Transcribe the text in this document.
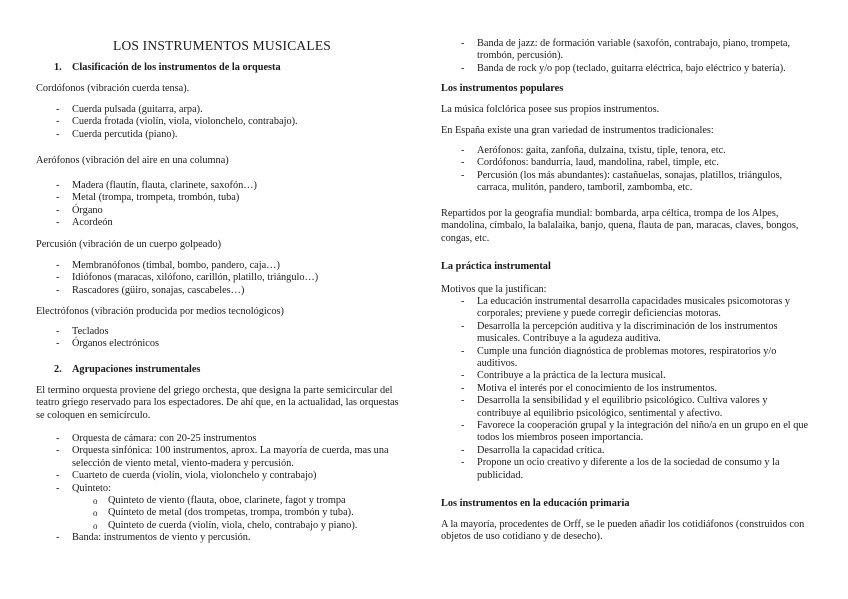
LOS INSTRUMENTOS MUSICALES
1. Clasificación de los instrumentos de la orquesta
Cordófonos (vibración cuerda tensa).
- Cuerda pulsada (guitarra, arpa).
- Cuerda frotada (violín, viola, violonchelo, contrabajo).
- Cuerda percutida (piano).
Aerófonos (vibración del aire en una columna)
- Madera (flautín, flauta, clarinete, saxofón…)
- Metal (trompa, trompeta, trombón, tuba)
- Órgano
- Acordeón
Percusión (vibración de un cuerpo golpeado)
- Membranófonos (timbal, bombo, pandero, caja…)
- Idiófonos (maracas, xilófono, carillón, platillo, triángulo…)
- Rascadores (güiro, sonajas, cascabeles…)
Electrófonos (vibración producida por medios tecnológicos)
- Teclados
- Órganos electrónicos
2. Agrupaciones instrumentales
El termino orquesta proviene del griego orchesta, que designa la parte semicircular del teatro griego reservado para los espectadores. De ahí que, en la actualidad, las orquestas se coloquen en semicírculo.
- Orquesta de cámara: con 20-25 instrumentos
- Orquesta sinfónica: 100 instrumentos, aprox. La mayoría de cuerda, mas una selección de viento metal, viento-madera y percusión.
- Cuarteto de cuerda (violín, viola, violonchelo y contrabajo)
- Quinteto:
o Quinteto de viento (flauta, oboe, clarinete, fagot y trompa
o Quinteto de metal (dos trompetas, trompa, trombón y tuba).
o Quinteto de cuerda (violín, viola, chelo, contrabajo y piano).
- Banda: instrumentos de viento y percusión.
- Banda de jazz: de formación variable (saxofón, contrabajo, piano, trompeta, trombón, percusión).
- Banda de rock y/o pop (teclado, guitarra eléctrica, bajo eléctrico y batería).
Los instrumentos populares
La música folclórica posee sus propios instrumentos.
En España existe una gran variedad de instrumentos tradicionales:
- Aerófonos: gaita, zanfoña, dulzaina, txistu, tiple, tenora, etc.
- Cordófonos: bandurria, laud, mandolina, rabel, timple, etc.
- Percusión (los más abundantes): castañuelas, sonajas, platillos, triángulos, carraca, mulitón, pandero, tamboril, zambomba, etc.
Repartidos por la geografía mundial: bombarda, arpa céltica, trompa de los Alpes, mandolina, címbalo, la balalaika, banjo, quena, flauta de pan, maracas, claves, bongos, congas, etc.
La práctica instrumental
Motivos que la justifican:
- La educación instrumental desarrolla capacidades musicales psicomotoras y corporales; previene y puede corregir deficiencias motoras.
- Desarrolla la percepción auditiva y la discriminación de los instrumentos musicales. Contribuye a la agudeza auditiva.
- Cumple una función diagnóstica de problemas motores, respiratorios y/o auditivos.
- Contribuye a la práctica de la lectura musical.
- Motiva el interés por el conocimiento de los instrumentos.
- Desarrolla la sensibilidad y el equilibrio psicológico. Cultiva valores y contribuye al equilibrio psicológico, sentimental y afectivo.
- Favorece la cooperación grupal y la integración del niño/a en un grupo en el que todos los miembros poseen importancia.
- Desarrolla la capacidad crítica.
- Propone un ocio creativo y diferente a los de la sociedad de consumo y la publicidad.
Los instrumentos en la educación primaria
A la mayoría, procedentes de Orff, se le pueden añadir los cotidiáfonos (construidos con objetos de uso cotidiano y de desecho).
